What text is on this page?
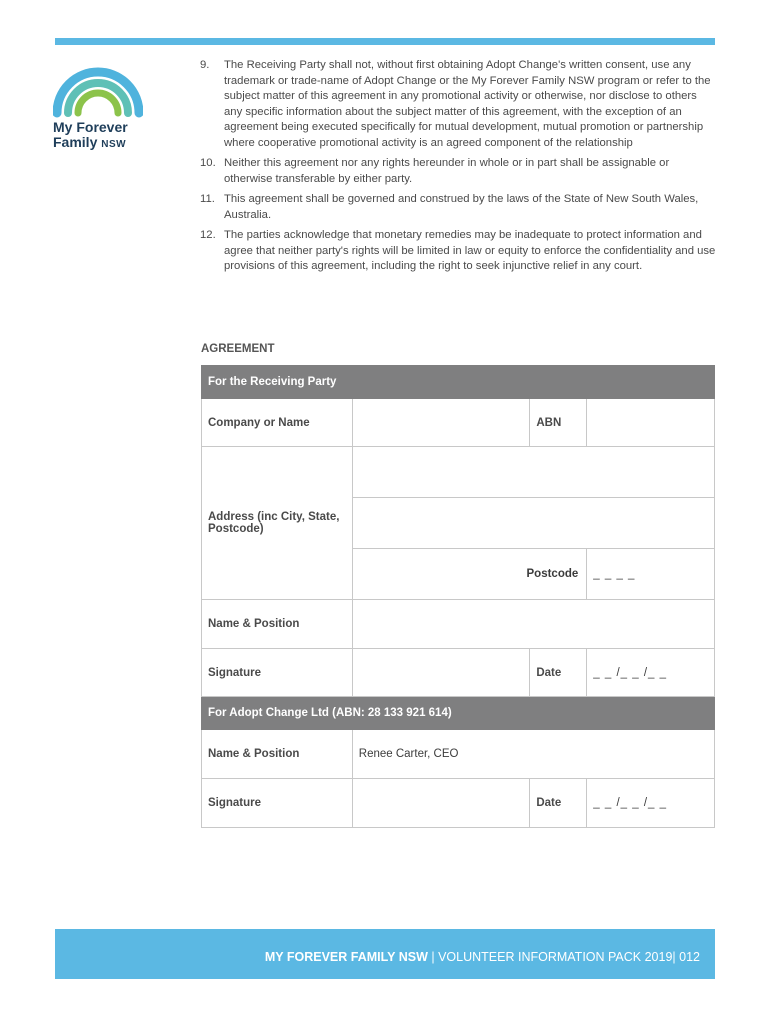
My Forever
Family NSW
9.	The Receiving Party shall not, without first obtaining Adopt Change's written consent, use any trademark or trade-name of Adopt Change or the My Forever Family NSW program or refer to the subject matter of this agreement in any promotional activity or otherwise, nor disclose to others any specific information about the subject matter of this agreement, with the exception of an agreement being executed specifically for mutual development, mutual promotion or partnership where cooperative promotional activity is an agreed component of the relationship
10. Neither this agreement nor any rights hereunder in whole or in part shall be assignable or otherwise transferable by either party.
11. This agreement shall be governed and construed by the laws of the State of New South Wales, Australia.
12. The parties acknowledge that monetary remedies may be inadequate to protect information and agree that neither party's rights will be limited in law or equity to enforce the confidentiality and use provisions of this agreement, including the right to seek injunctive relief in any court.
AGREEMENT
For the Receiving Party			
Company or Name		ABN	
Address (inc City, State, Postcode)			

	Postcode		_ _ _ _
Name & Position			
Signature		Date	_ _ /_ _ /_ _
For Adopt Change Ltd (ABN: 28 133 921 614)			
Name & Position	Renee Carter, CEO		
Signature		Date	_ _ /_ _ /_ _
MY FOREVER FAMILY NSW | VOLUNTEER INFORMATION PACK 2019| 012
